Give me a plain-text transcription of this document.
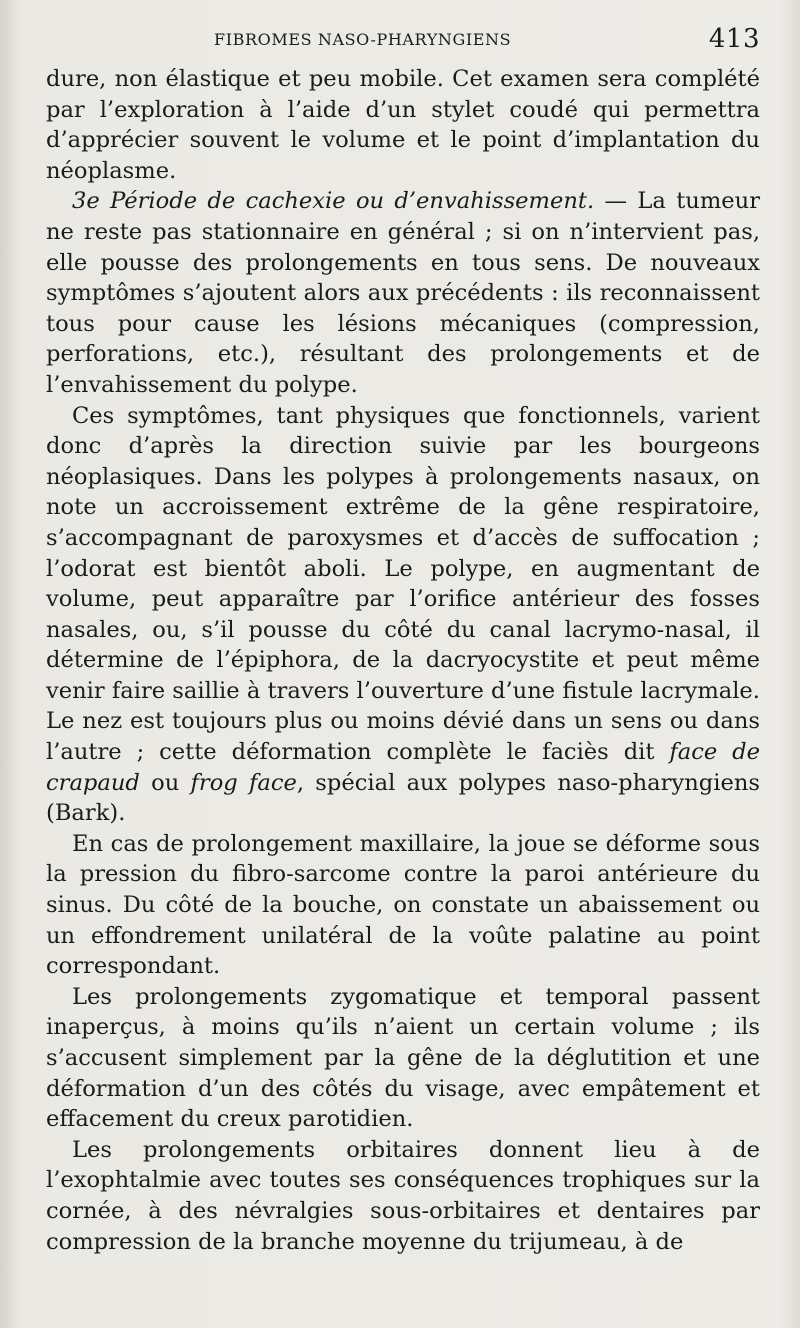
FIBROMES NASO-PHARYNGIENS	413

dure, non élastique et peu mobile. Cet examen sera complété par l’exploration à l’aide d’un stylet coudé qui permettra d’apprécier souvent le volume et le point d’implantation du néoplasme.

3e Période de cachexie ou d’envahissement. — La tumeur ne reste pas stationnaire en général ; si on n’intervient pas, elle pousse des prolongements en tous sens. De nouveaux symptômes s’ajoutent alors aux précédents : ils reconnaissent tous pour cause les lésions mécaniques (compression, perforations, etc.), résultant des prolongements et de l’envahissement du polype.

Ces symptômes, tant physiques que fonctionnels, varient donc d’après la direction suivie par les bourgeons néoplasiques. Dans les polypes à prolongements nasaux, on note un accroissement extrême de la gêne respiratoire, s’accompagnant de paroxysmes et d’accès de suffocation ; l’odorat est bientôt aboli. Le polype, en augmentant de volume, peut apparaître par l’orifice antérieur des fosses nasales, ou, s’il pousse du côté du canal lacrymo-nasal, il détermine de l’épiphora, de la dacryocystite et peut même venir faire saillie à travers l’ouverture d’une fistule lacrymale. Le nez est toujours plus ou moins dévié dans un sens ou dans l’autre ; cette déformation complète le faciès dit face de crapaud ou frog face, spécial aux polypes naso-pharyngiens (Bark).

En cas de prolongement maxillaire, la joue se déforme sous la pression du fibro-sarcome contre la paroi antérieure du sinus. Du côté de la bouche, on constate un abaissement ou un effondrement unilatéral de la voûte palatine au point correspondant.

Les prolongements zygomatique et temporal passent inaperçus, à moins qu’ils n’aient un certain volume ; ils s’accusent simplement par la gêne de la déglutition et une déformation d’un des côtés du visage, avec empâtement et effacement du creux parotidien.

Les prolongements orbitaires donnent lieu à de l’exophtalmie avec toutes ses conséquences trophiques sur la cornée, à des névralgies sous-orbitaires et dentaires par compression de la branche moyenne du trijumeau, à de
